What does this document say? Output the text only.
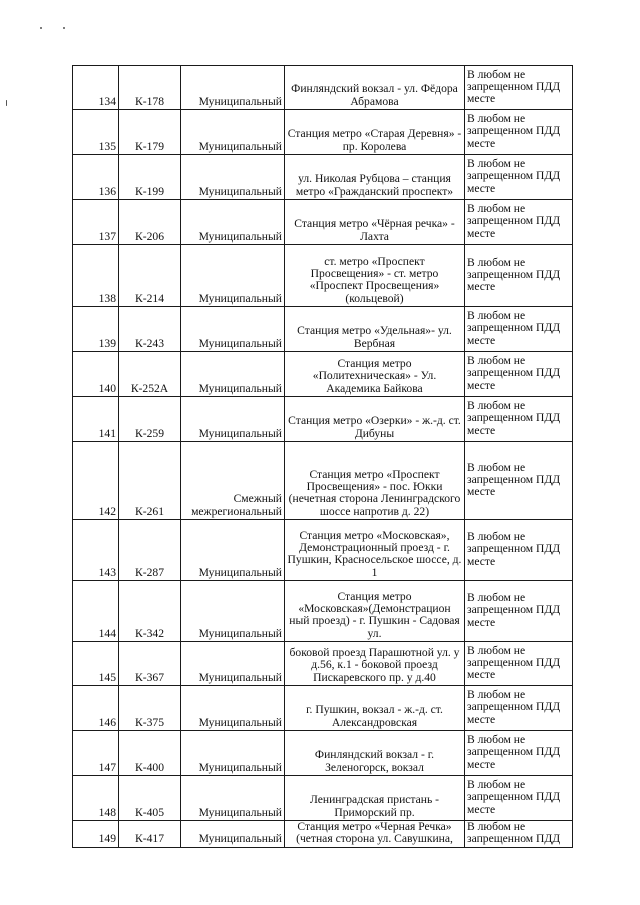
134	К-178	Муниципальный	Финляндский вокзал - ул. Фёдора Абрамова	В любом не запрещенном ПДД месте
135	К-179	Муниципальный	Станция метро «Старая Деревня» - пр. Королева	В любом не запрещенном ПДД месте
136	К-199	Муниципальный	ул. Николая Рубцова – станция метро «Гражданский проспект»	В любом не запрещенном ПДД месте
137	К-206	Муниципальный	Станция метро «Чёрная речка» - Лахта	В любом не запрещенном ПДД месте
138	К-214	Муниципальный	ст. метро «Проспект Просвещения» - ст. метро «Проспект Просвещения» (кольцевой)	В любом не запрещенном ПДД месте
139	К-243	Муниципальный	Станция метро «Удельная»- ул. Вербная	В любом не запрещенном ПДД месте
140	К-252А	Муниципальный	Станция метро «Политехническая» - Ул. Академика Байкова	В любом не запрещенном ПДД месте
141	К-259	Муниципальный	Станция метро «Озерки» - ж.-д. ст. Дибуны	В любом не запрещенном ПДД месте
142	К-261	Смежный межрегиональный	Станция метро «Проспект Просвещения» - пос. Юкки (нечетная сторона Ленинградского шоссе напротив д. 22)	В любом не запрещенном ПДД месте
143	К-287	Муниципальный	Станция метро «Московская», Демонстрационный проезд - г. Пушкин, Красносельское шоссе, д. 1	В любом не запрещенном ПДД месте
144	К-342	Муниципальный	Станция метро «Московская»(Демонстрацион ный проезд) - г. Пушкин - Садовая ул.	В любом не запрещенном ПДД месте
145	К-367	Муниципальный	боковой проезд Парашютной ул. у д.56, к.1 - боковой проезд Пискаревского пр. у д.40	В любом не запрещенном ПДД месте
146	К-375	Муниципальный	г. Пушкин, вокзал - ж.-д. ст. Александровская	В любом не запрещенном ПДД месте
147	К-400	Муниципальный	Финляндский вокзал - г. Зеленогорск, вокзал	В любом не запрещенном ПДД месте
148	К-405	Муниципальный	Ленинградская пристань - Приморский пр.	В любом не запрещенном ПДД месте
149	К-417	Муниципальный	Станция метро «Черная Речка» (четная сторона ул. Савушкина,	В любом не запрещенном ПДД
